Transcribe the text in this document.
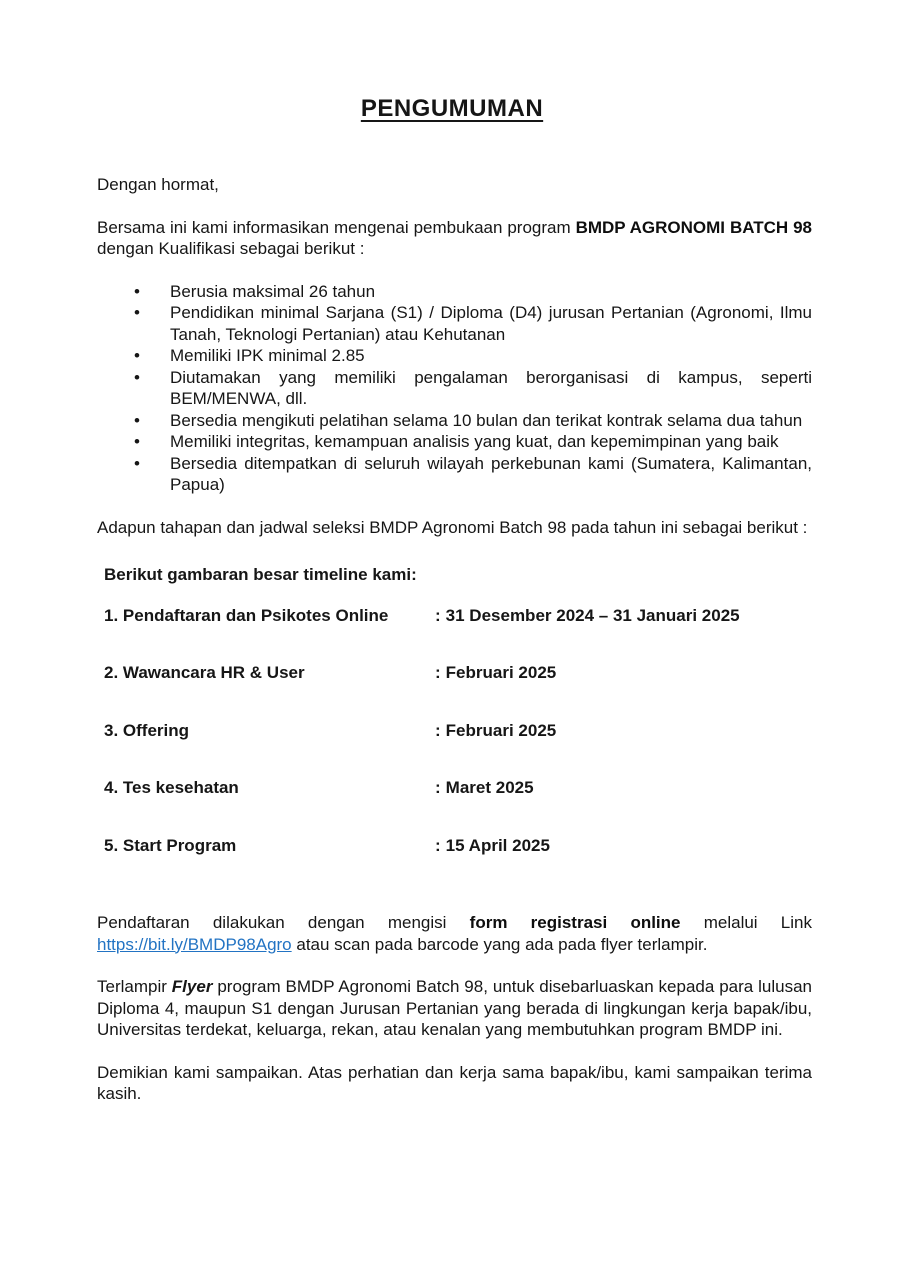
PENGUMUMAN

Dengan hormat,

Bersama ini kami informasikan mengenai pembukaan program BMDP AGRONOMI BATCH 98 dengan Kualifikasi sebagai berikut :

• Berusia maksimal 26 tahun
• Pendidikan minimal Sarjana (S1) / Diploma (D4) jurusan Pertanian (Agronomi, Ilmu Tanah, Teknologi Pertanian) atau Kehutanan
• Memiliki IPK minimal 2.85
• Diutamakan yang memiliki pengalaman berorganisasi di kampus, seperti BEM/MENWA, dll.
• Bersedia mengikuti pelatihan selama 10 bulan dan terikat kontrak selama dua tahun
• Memiliki integritas, kemampuan analisis yang kuat, dan kepemimpinan yang baik
• Bersedia ditempatkan di seluruh wilayah perkebunan kami (Sumatera, Kalimantan, Papua)

Adapun tahapan dan jadwal seleksi BMDP Agronomi Batch 98 pada tahun ini sebagai berikut :

Berikut gambaran besar timeline kami:

1. Pendaftaran dan Psikotes Online	: 31 Desember 2024 – 31 Januari 2025
2. Wawancara HR & User	: Februari 2025
3. Offering	: Februari 2025
4. Tes kesehatan	: Maret 2025
5. Start Program	: 15 April 2025

Pendaftaran dilakukan dengan mengisi form registrasi online melalui Link https://bit.ly/BMDP98Agro atau scan pada barcode yang ada pada flyer terlampir.

Terlampir Flyer program BMDP Agronomi Batch 98, untuk disebarluaskan kepada para lulusan Diploma 4, maupun S1 dengan Jurusan Pertanian yang berada di lingkungan kerja bapak/ibu, Universitas terdekat, keluarga, rekan, atau kenalan yang membutuhkan program BMDP ini.

Demikian kami sampaikan. Atas perhatian dan kerja sama bapak/ibu, kami sampaikan terima kasih.
